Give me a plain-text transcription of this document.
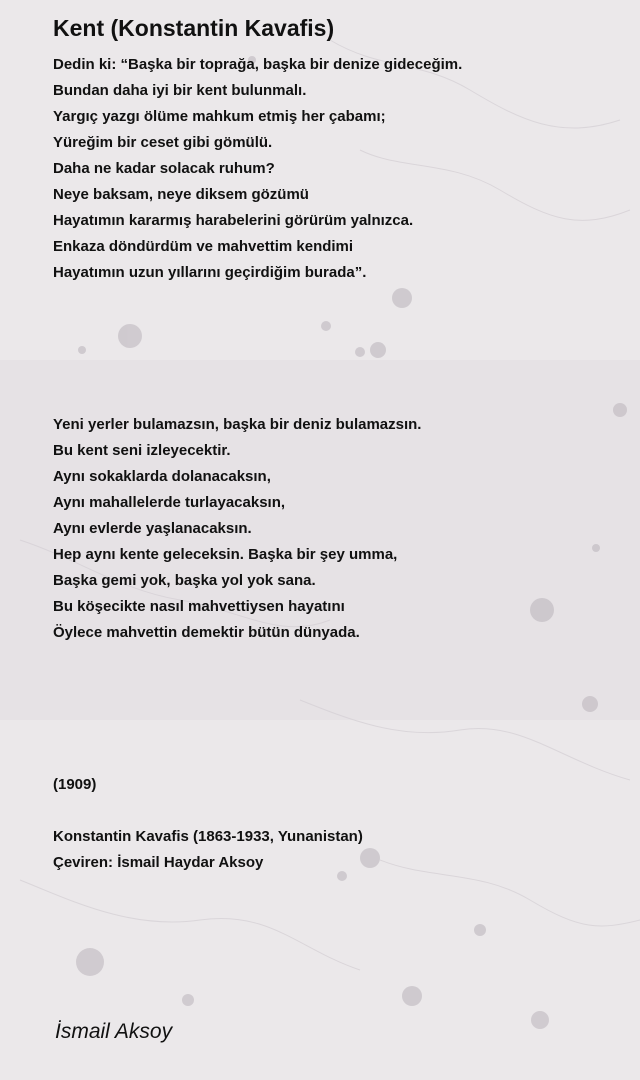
Kent (Konstantin Kavafis)
Dedin ki: “Başka bir toprağa, başka bir denize gideceğim.
Bundan daha iyi bir kent bulunmalı.
Yargıç yazgı ölüme mahkum etmiş her çabamı;
Yüreğim bir ceset gibi gömülü.
Daha ne kadar solacak ruhum?
Neye baksam, neye diksem gözümü
Hayatımın kararmış harabelerini görürüm yalnızca.
Enkaza döndürdüm ve mahvettim kendimi
Hayatımın uzun yıllarını geçirdiğim burada”.
Yeni yerler bulamazsın, başka bir deniz bulamazsın.
Bu kent seni izleyecektir.
Aynı sokaklarda dolanacaksın,
Aynı mahallelerde turlayacaksın,
Aynı evlerde yaşlanacaksın.
Hep aynı kente geleceksin. Başka bir şey umma,
Başka gemi yok, başka yol yok sana.
Bu köşecikte nasıl mahvettiysen hayatını
Öylece mahvettin demektir bütün dünyada.
(1909)
Konstantin Kavafis (1863-1933, Yunanistan)
Çeviren: İsmail Haydar Aksoy
İsmail Aksoy
